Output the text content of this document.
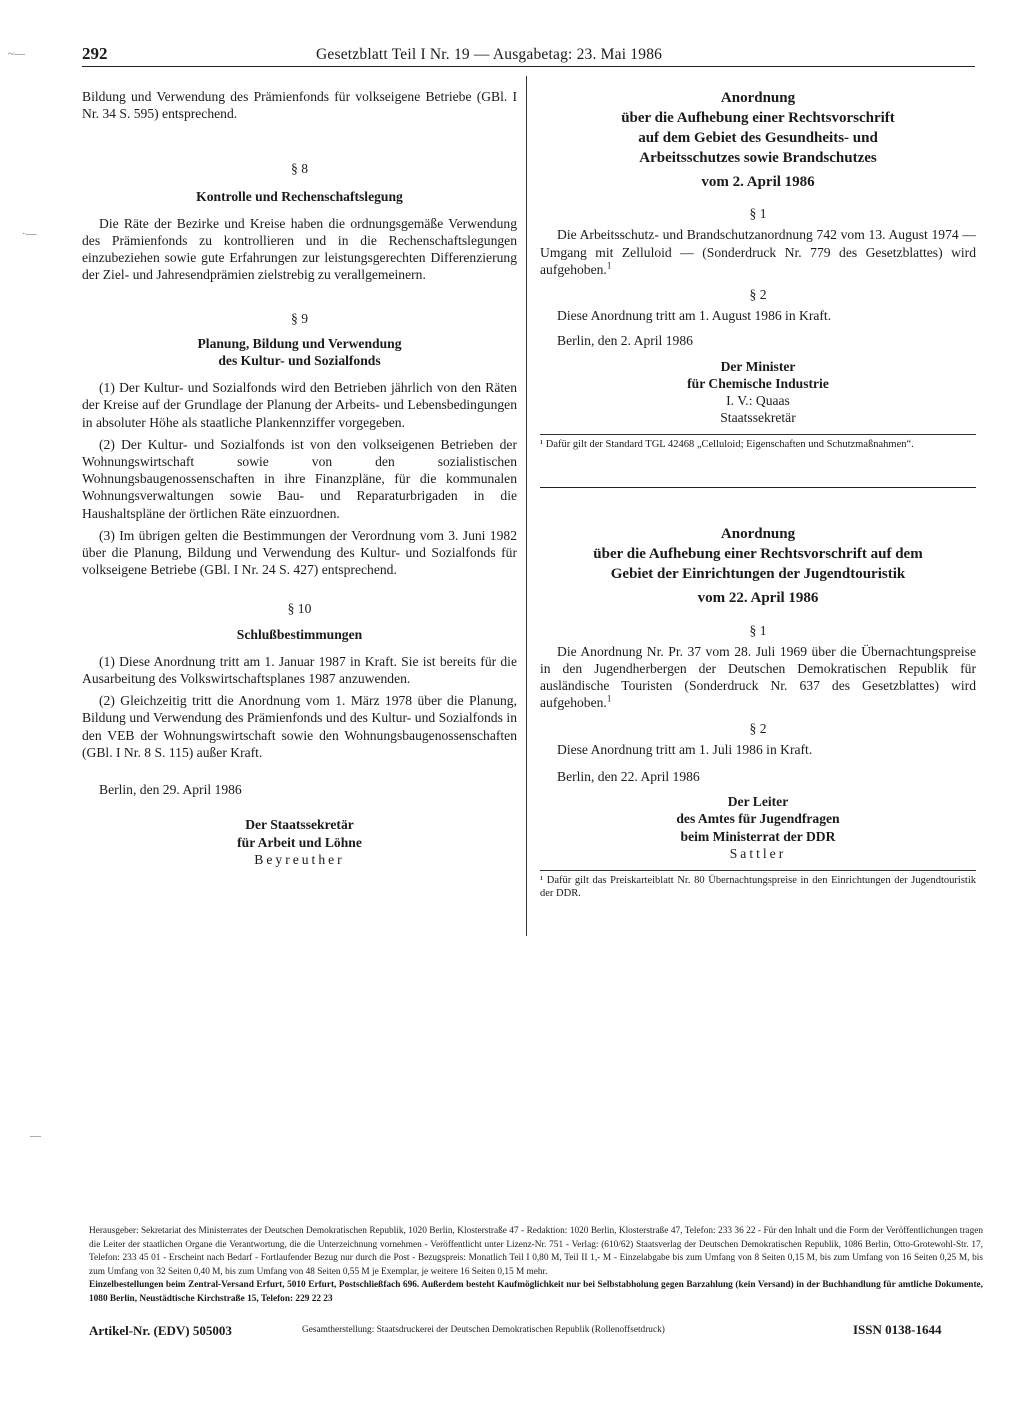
~—
·—
—
292	Gesetzblatt Teil I Nr. 19 — Ausgabetag: 23. Mai 1986

Bildung und Verwendung des Prämienfonds für volkseigene Betriebe (GBl. I Nr. 34 S. 595) entsprechend.

§ 8

Kontrolle und Rechenschaftslegung

Die Räte der Bezirke und Kreise haben die ordnungsgemäße Verwendung des Prämienfonds zu kontrollieren und in die Rechenschaftslegungen einzubeziehen sowie gute Erfahrungen zur leistungsgerechten Differenzierung der Ziel- und Jahresendprämien zielstrebig zu verallgemeinern.

§ 9

Planung, Bildung und Verwendung

des Kultur- und Sozialfonds

(1) Der Kultur- und Sozialfonds wird den Betrieben jährlich von den Räten der Kreise auf der Grundlage der Planung der Arbeits- und Lebensbedingungen in absoluter Höhe als staatliche Plankennziffer vorgegeben.

(2) Der Kultur- und Sozialfonds ist von den volkseigenen Betrieben der Wohnungswirtschaft sowie von den sozialistischen Wohnungsbaugenossenschaften in ihre Finanzpläne, für die kommunalen Wohnungsverwaltungen sowie Bau- und Reparaturbrigaden in die Haushaltspläne der örtlichen Räte einzuordnen.

(3) Im übrigen gelten die Bestimmungen der Verordnung vom 3. Juni 1982 über die Planung, Bildung und Verwendung des Kultur- und Sozialfonds für volkseigene Betriebe (GBl. I Nr. 24 S. 427) entsprechend.

§ 10

Schlußbestimmungen

(1) Diese Anordnung tritt am 1. Januar 1987 in Kraft. Sie ist bereits für die Ausarbeitung des Volkswirtschaftsplanes 1987 anzuwenden.

(2) Gleichzeitig tritt die Anordnung vom 1. März 1978 über die Planung, Bildung und Verwendung des Prämienfonds und des Kultur- und Sozialfonds in den VEB der Wohnungswirtschaft sowie den Wohnungsbaugenossenschaften (GBl. I Nr. 8 S. 115) außer Kraft.

Berlin, den 29. April 1986

Der Staatssekretär

für Arbeit und Löhne

Beyreuther

Anordnung

über die Aufhebung einer Rechtsvorschrift

auf dem Gebiet des Gesundheits- und

Arbeitsschutzes sowie Brandschutzes

vom 2. April 1986

§ 1

Die Arbeitsschutz- und Brandschutzanordnung 742 vom 13. August 1974 — Umgang mit Zelluloid — (Sonderdruck Nr. 779 des Gesetzblattes) wird aufgehoben.$^1$

§ 2

Diese Anordnung tritt am 1. August 1986 in Kraft.

Berlin, den 2. April 1986

Der Minister

für Chemische Industrie

I. V.: Quaas

Staatssekretär

¹ Dafür gilt der Standard TGL 42468 „Celluloid; Eigenschaften und Schutzmaßnahmen“.

Anordnung

über die Aufhebung einer Rechtsvorschrift auf dem

Gebiet der Einrichtungen der Jugendtouristik

vom 22. April 1986

§ 1

Die Anordnung Nr. Pr. 37 vom 28. Juli 1969 über die Übernachtungspreise in den Jugendherbergen der Deutschen Demokratischen Republik für ausländische Touristen (Sonderdruck Nr. 637 des Gesetzblattes) wird aufgehoben.$^1$

§ 2

Diese Anordnung tritt am 1. Juli 1986 in Kraft.

Berlin, den 22. April 1986

Der Leiter

des Amtes für Jugendfragen

beim Ministerrat der DDR

Sattler

¹ Dafür gilt das Preiskarteiblatt Nr. 80 Übernachtungspreise in den Einrichtungen der Jugendtouristik der DDR.

Herausgeber: Sekretariat des Ministerrates der Deutschen Demokratischen Republik, 1020 Berlin, Klosterstraße 47 - Redaktion: 1020 Berlin, Klosterstraße 47, Telefon: 233 36 22 - Für den Inhalt und die Form der Veröffentlichungen tragen die Leiter der staatlichen Organe die Verantwortung, die die Unterzeichnung vornehmen - Veröffentlicht unter Lizenz-Nr. 751 - Verlag: (610/62) Staatsverlag der Deutschen Demokratischen Republik, 1086 Berlin, Otto-Grotewohl-Str. 17, Telefon: 233 45 01 - Erscheint nach Bedarf - Fortlaufender Bezug nur durch die Post - Bezugspreis: Monatlich Teil I 0,80 M, Teil II 1,- M - Einzelabgabe bis zum Umfang von 8 Seiten 0,15 M, bis zum Umfang von 16 Seiten 0,25 M, bis zum Umfang von 32 Seiten 0,40 M, bis zum Umfang von 48 Seiten 0,55 M je Exemplar, je weitere 16 Seiten 0,15 M mehr.

Einzelbestellungen beim Zentral-Versand Erfurt, 5010 Erfurt, Postschließfach 696. Außerdem besteht Kaufmöglichkeit nur bei Selbstabholung gegen Barzahlung (kein Versand) in der Buchhandlung für amtliche Dokumente, 1080 Berlin, Neustädtische Kirchstraße 15, Telefon: 229 22 23

Artikel-Nr. (EDV) 505003	Gesamtherstellung: Staatsdruckerei der Deutschen Demokratischen Republik (Rollenoffsetdruck)	ISSN 0138-1644
